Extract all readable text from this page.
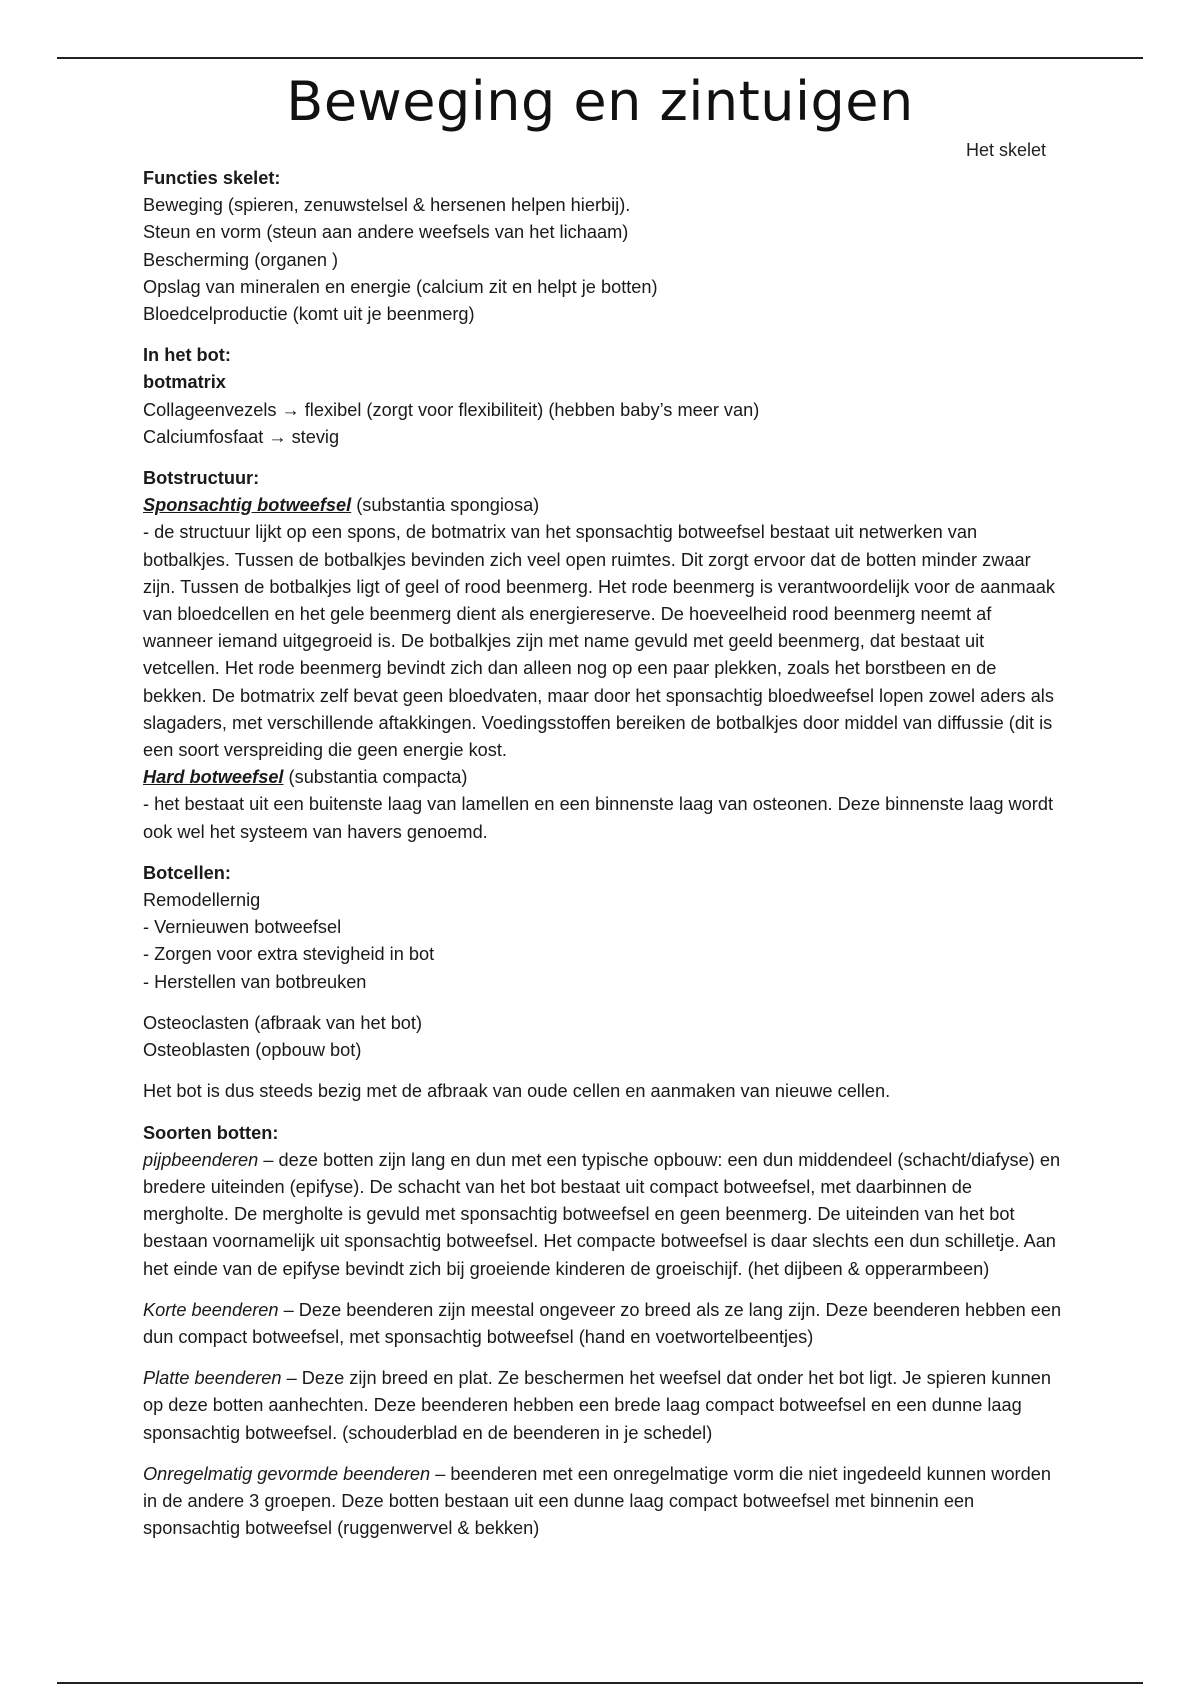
Beweging en zintuigen
Het skelet
Functies skelet:
Beweging (spieren, zenuwstelsel & hersenen helpen hierbij).
Steun en vorm (steun aan andere weefsels van het lichaam)
Bescherming (organen )
Opslag van mineralen en energie (calcium zit en helpt je botten)
Bloedcelproductie (komt uit je beenmerg)
In het bot:
botmatrix
Collageenvezels → flexibel (zorgt voor flexibiliteit) (hebben baby’s meer van)
Calciumfosfaat → stevig
Botstructuur:
Sponsachtig botweefsel (substantia spongiosa)
- de structuur lijkt op een spons, de botmatrix van het sponsachtig botweefsel bestaat uit netwerken van botbalkjes. Tussen de botbalkjes bevinden zich veel open ruimtes. Dit zorgt ervoor dat de botten minder zwaar zijn. Tussen de botbalkjes ligt of geel of rood beenmerg. Het rode beenmerg is verantwoordelijk voor de aanmaak van bloedcellen en het gele beenmerg dient als energiereserve. De hoeveelheid rood beenmerg neemt af wanneer iemand uitgegroeid is. De botbalkjes zijn met name gevuld met geeld beenmerg, dat bestaat uit vetcellen. Het rode beenmerg bevindt zich dan alleen nog op een paar plekken, zoals het borstbeen en de bekken. De botmatrix zelf bevat geen bloedvaten, maar door het sponsachtig bloedweefsel lopen zowel aders als slagaders, met verschillende aftakkingen. Voedingsstoffen bereiken de botbalkjes door middel van diffussie (dit is een soort verspreiding die geen energie kost.
Hard botweefsel (substantia compacta)
- het bestaat uit een buitenste laag van lamellen en een binnenste laag van osteonen. Deze binnenste laag wordt ook wel het systeem van havers genoemd.
Botcellen:
Remodellernig
- Vernieuwen botweefsel
- Zorgen voor extra stevigheid in bot
- Herstellen van botbreuken
Osteoclasten (afbraak van het bot)
Osteoblasten (opbouw bot)
Het bot is dus steeds bezig met de afbraak van oude cellen en aanmaken van nieuwe cellen.
Soorten botten:
pijpbeenderen – deze botten zijn lang en dun met een typische opbouw: een dun middendeel (schacht/diafyse) en bredere uiteinden (epifyse). De schacht van het bot bestaat uit compact botweefsel, met daarbinnen de mergholte. De mergholte is gevuld met sponsachtig botweefsel en geen beenmerg. De uiteinden van het bot bestaan voornamelijk uit sponsachtig botweefsel. Het compacte botweefsel is daar slechts een dun schilletje. Aan het einde van de epifyse bevindt zich bij groeiende kinderen de groeischijf. (het dijbeen & opperarmbeen)
Korte beenderen – Deze beenderen zijn meestal ongeveer zo breed als ze lang zijn. Deze beenderen hebben een dun compact botweefsel, met sponsachtig botweefsel (hand en voetwortelbeentjes)
Platte beenderen – Deze zijn breed en plat. Ze beschermen het weefsel dat onder het bot ligt. Je spieren kunnen op deze botten aanhechten. Deze beenderen hebben een brede laag compact botweefsel en een dunne laag sponsachtig botweefsel. (schouderblad en de beenderen in je schedel)
Onregelmatig gevormde beenderen – beenderen met een onregelmatige vorm die niet ingedeeld kunnen worden in de andere 3 groepen. Deze botten bestaan uit een dunne laag compact botweefsel met binnenin een sponsachtig botweefsel (ruggenwervel & bekken)
